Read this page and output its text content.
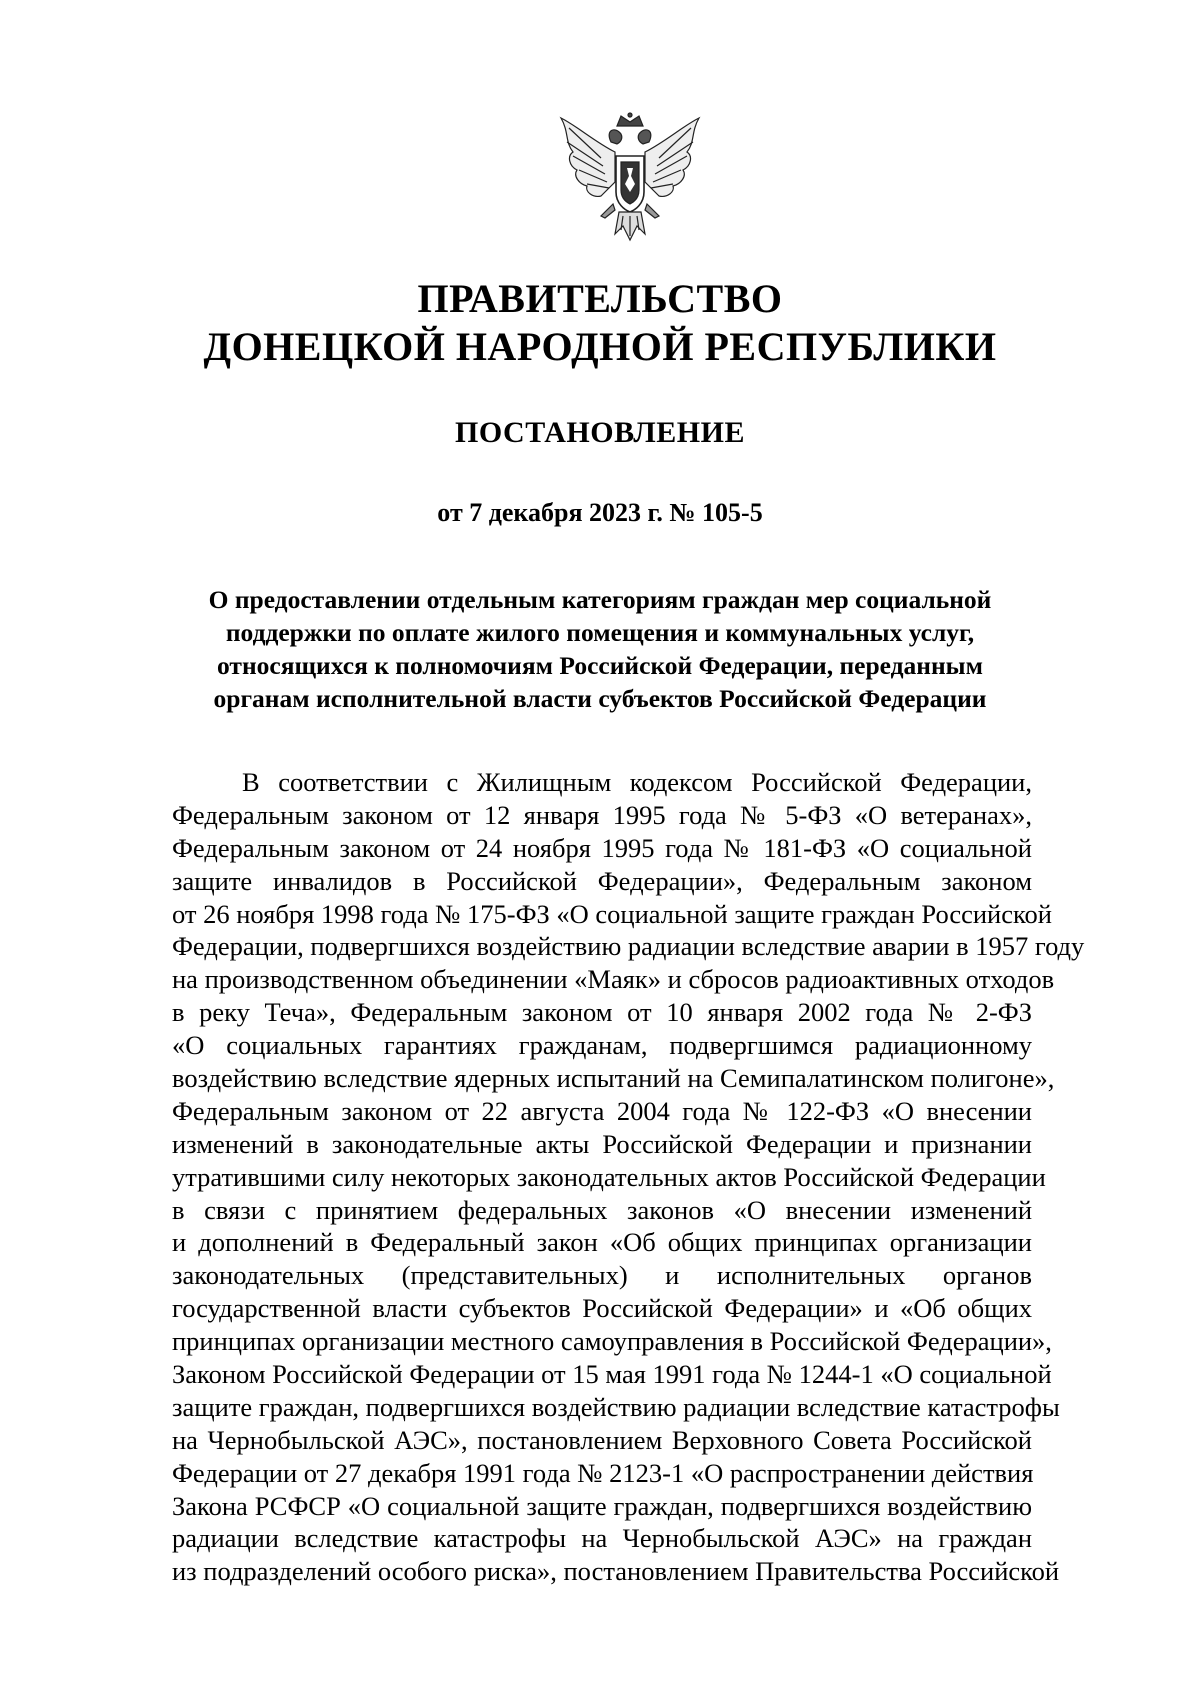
ПРАВИТЕЛЬСТВО
ДОНЕЦКОЙ НАРОДНОЙ РЕСПУБЛИКИ
ПОСТАНОВЛЕНИЕ
от 7 декабря 2023 г. № 105-5
О предоставлении отдельным категориям граждан мер социальной
поддержки по оплате жилого помещения и коммунальных услуг,
относящихся к полномочиям Российской Федерации, переданным
органам исполнительной власти субъектов Российской Федерации
В соответствии с Жилищным кодексом Российской Федерации,
Федеральным законом от 12 января 1995 года № 5-ФЗ «О ветеранах»,
Федеральным законом от 24 ноября 1995 года № 181-ФЗ «О социальной
защите инвалидов в Российской Федерации», Федеральным законом
от 26 ноября 1998 года № 175-ФЗ «О социальной защите граждан Российской
Федерации, подвергшихся воздействию радиации вследствие аварии в 1957 году
на производственном объединении «Маяк» и сбросов радиоактивных отходов
в реку Теча», Федеральным законом от 10 января 2002 года № 2-ФЗ
«О социальных гарантиях гражданам, подвергшимся радиационному
воздействию вследствие ядерных испытаний на Семипалатинском полигоне»,
Федеральным законом от 22 августа 2004 года № 122-ФЗ «О внесении
изменений в законодательные акты Российской Федерации и признании
утратившими силу некоторых законодательных актов Российской Федерации
в связи с принятием федеральных законов «О внесении изменений
и дополнений в Федеральный закон «Об общих принципах организации
законодательных (представительных) и исполнительных органов
государственной власти субъектов Российской Федерации» и «Об общих
принципах организации местного самоуправления в Российской Федерации»,
Законом Российской Федерации от 15 мая 1991 года № 1244-1 «О социальной
защите граждан, подвергшихся воздействию радиации вследствие катастрофы
на Чернобыльской АЭС», постановлением Верховного Совета Российской
Федерации от 27 декабря 1991 года № 2123-1 «О распространении действия
Закона РСФСР «О социальной защите граждан, подвергшихся воздействию
радиации вследствие катастрофы на Чернобыльской АЭС» на граждан
из подразделений особого риска», постановлением Правительства Российской
